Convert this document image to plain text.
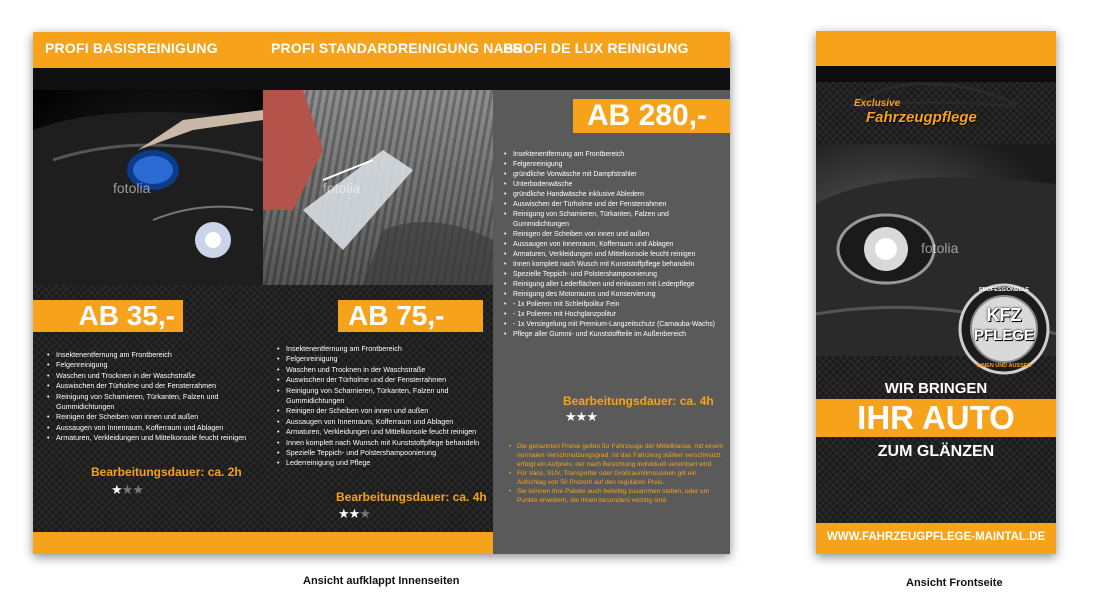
PROFI BASISREINIGUNG	PROFI STANDARDREINIGUNG NASS
PROFI DE LUX REINIGUNG
fotolia	fotolia
AB 35,-	AB 75,-
AB 280,-
• Insektenentfernung am Frontbereich
• Felgenreinigung
• Waschen und Trocknen in der Waschstraße
• Auswischen der Türholme und der Fensterrahmen
• Reinigung von Scharnieren, Türkanten, Falzen und Gummidichtungen
• Reinigen der Scheiben von innen und außen
• Aussaugen von Innenraum, Kofferraum und Ablagen
• Armaturen, Verkleidungen und Mittelkonsole feucht reinigen
• Insektenentfernung am Frontbereich
• Felgenreinigung
• Waschen und Trocknen in der Waschstraße
• Auswischen der Türholme und der Fensterrahmen
• Reinigung von Scharnieren, Türkanten, Falzen und Gummidichtungen
• Reinigen der Scheiben von innen und außen
• Aussaugen von Innenraum, Kofferraum und Ablagen
• Armaturen, Verkleidungen und Mittelkonsole feucht reinigen
• Innen komplett nach Wunsch mit Kunststoffpflege behandeln
• Spezielle Teppich- und Polstershampoonierung
• Lederreinigung und Pflege
• Insektenentfernung am Frontbereich
• Felgenreinigung
• gründliche Vorwäsche mit Dampfstrahler
• Unterbodenwäsche
• gründliche Handwäsche inklusive Abledern
• Auswischen der Türholme und der Fensterrahmen
• Reinigung von Scharnieren, Türkanten, Falzen und Gummidichtungen
• Reinigen der Scheiben von innen und außen
• Aussaugen von Innenraum, Kofferraum und Ablagen
• Armaturen, Verkleidungen und Mittelkonsole feucht reinigen
• Innen komplett nach Wusch mit Kunststoffpflege behandeln
• Spezielle Teppich- und Polstershampoonierung
• Reinigung aller Lederflächen und einlassen mit Lederpflege
• Reinigung des Motorraums und Konservierung
• - 1x Polieren mit Schleifpolitur Fein
• - 1x Polieren mit Hochglanzpolitur
• - 1x Versiegelung mit Premium-Langzeitschutz (Carnauba-Wachs)
• Pflege aller Gummi- und Kunststoffteile im Außenbereich
Bearbeitungsdauer: ca. 2h
Bearbeitungsdauer: ca. 4h
Bearbeitungsdauer: ca. 4h
★★★
★★★
★★★
• Die genannten Preise gelten für Fahrzeuge der Mittelklasse, mit einem normalen Verschmutzungsgrad. Ist das Fahrzeug stärker verschmutzt erfolgt ein Aufpreis, der nach Besichtung individuell vereinbart wird.
• Für Vans, SUV, Transporter oder Großraumlimousinen gilt ein Aufschlag von 50 Prozent auf den regulären Preis.
• Sie können Ihre Pakete auch beliebig zusammen stellen, oder um Punkte erweitern, die Ihnen besonders wichtig sind.
Exclusive
Fahrzeugpflege
fotolia
PROFESSIONELLE
KFZ
PFLEGE
INNEN UND AUSSEN
WIR BRINGEN
IHR AUTO
ZUM GLÄNZEN
WWW.FAHRZEUGPFLEGE-MAINTAL.DE
Ansicht aufklappt Innenseiten	Ansicht Frontseite
